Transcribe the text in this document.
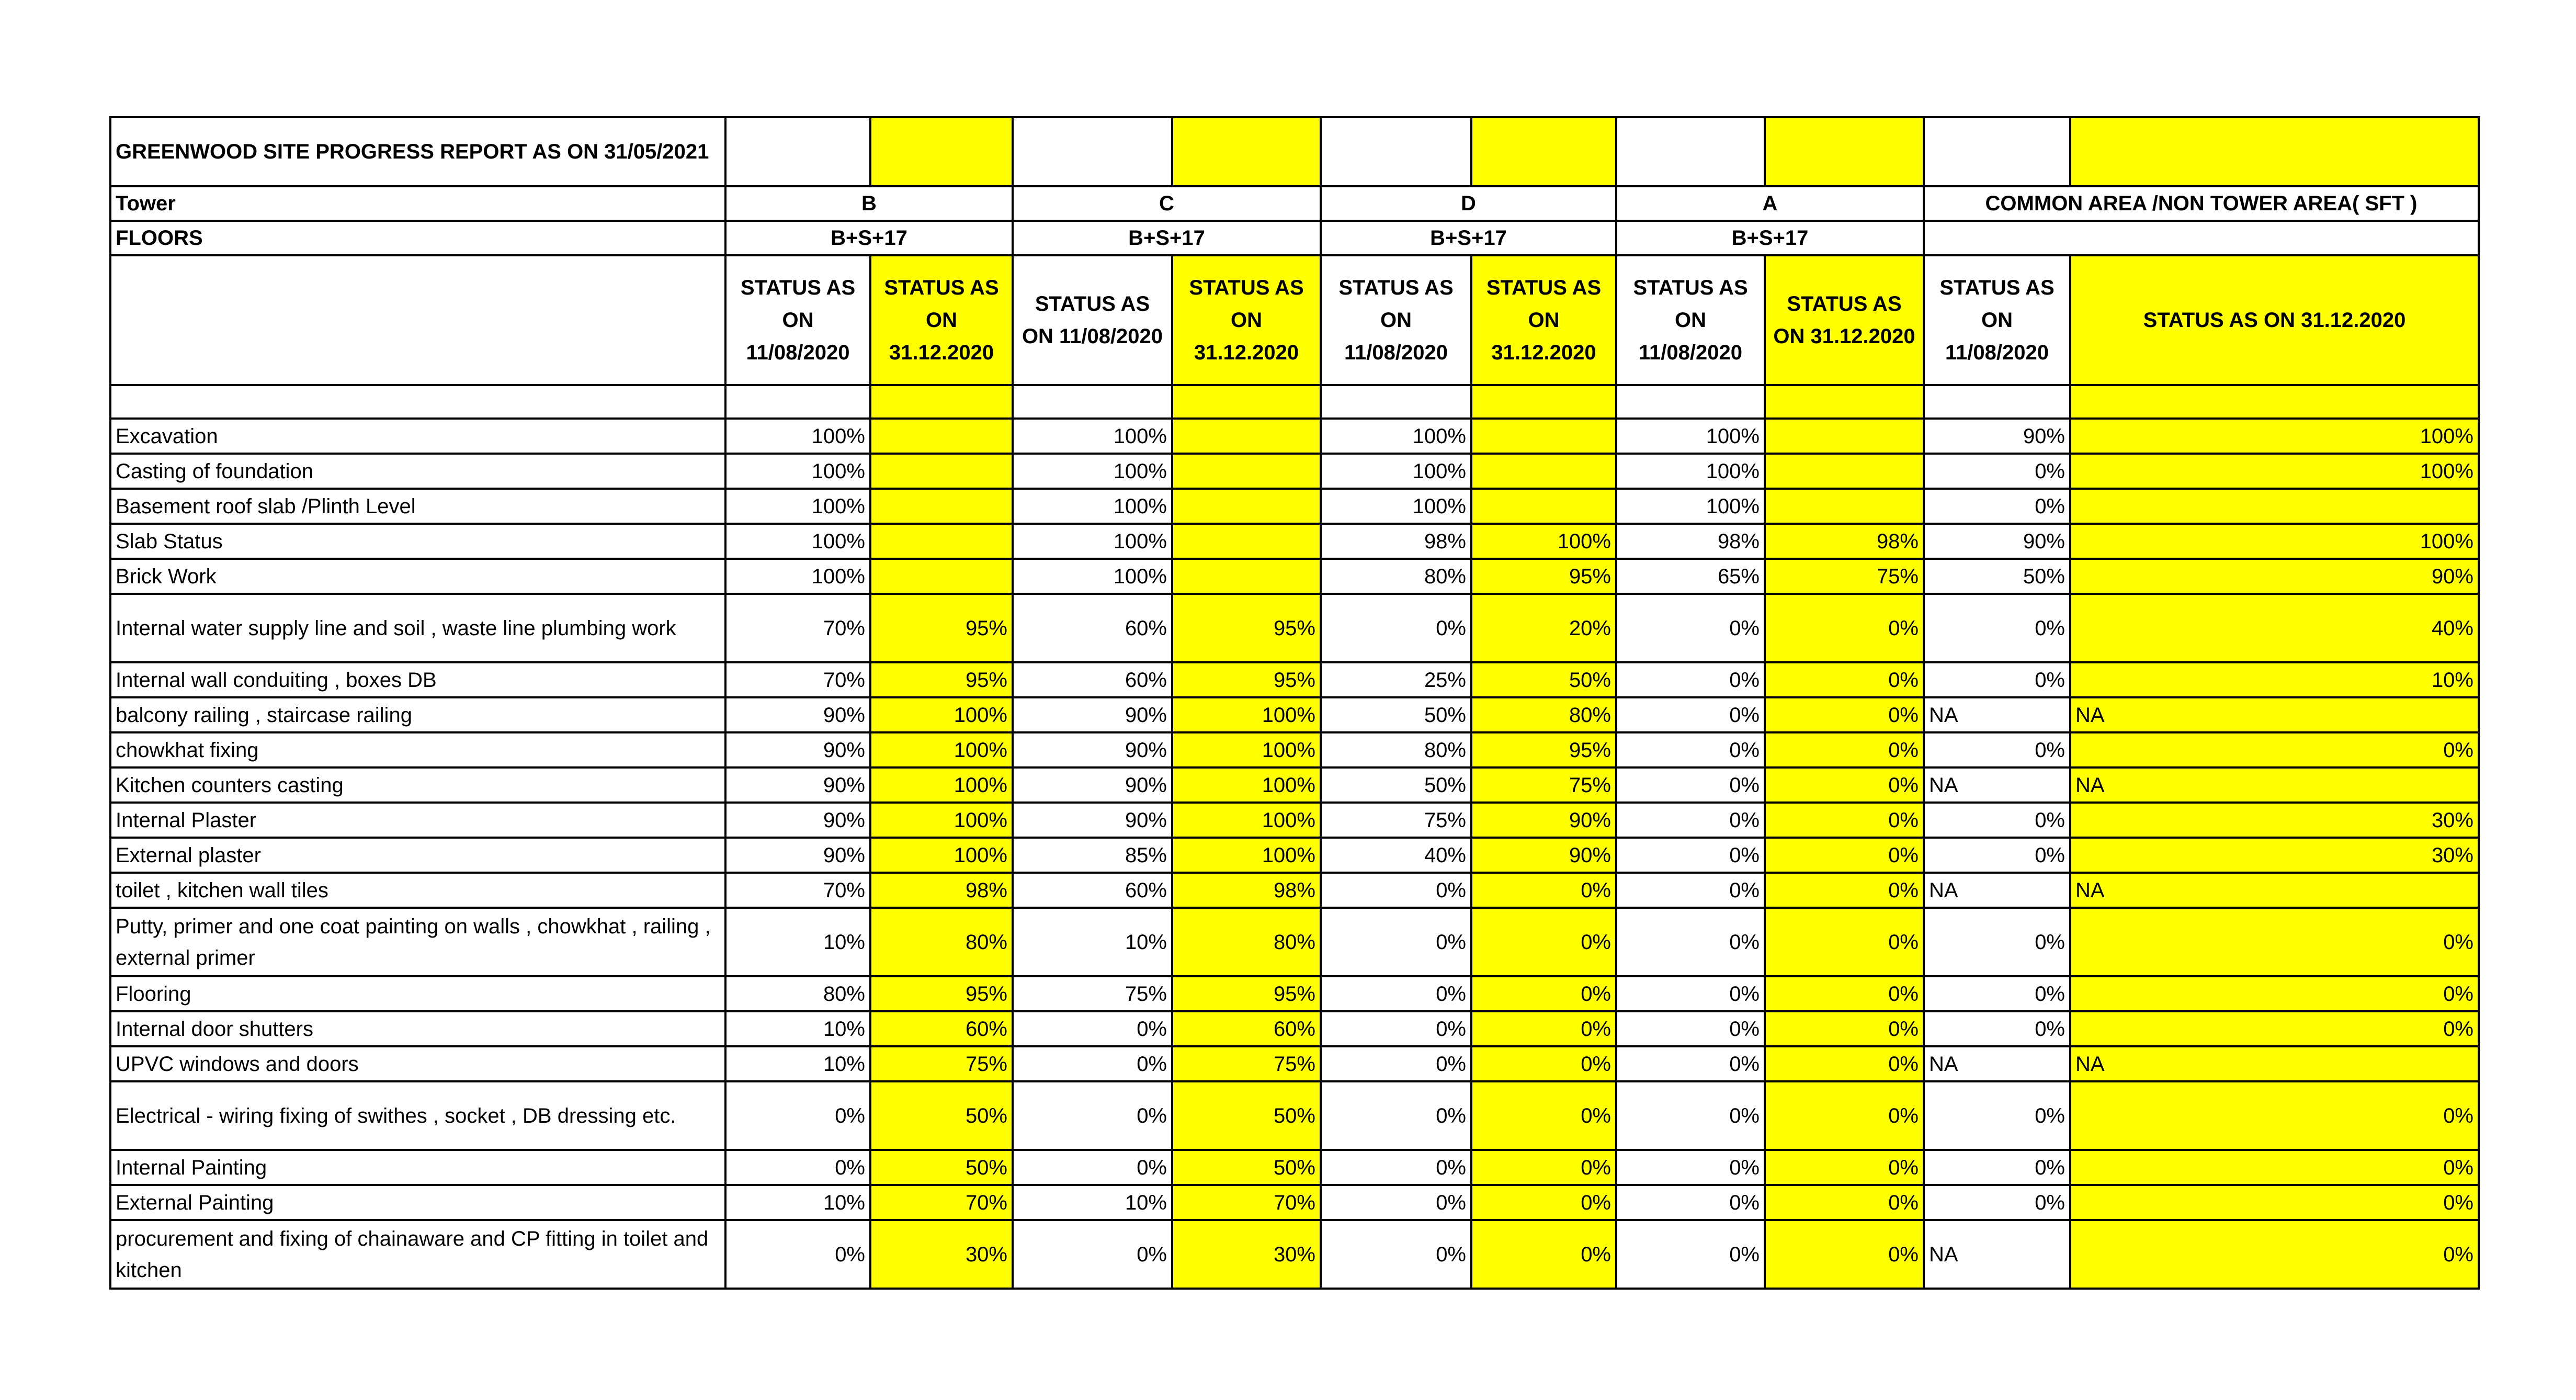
GREENWOOD SITE PROGRESS REPORT AS ON 31/05/2021										
Tower	B		C		D		A		COMMON AREA /NON TOWER AREA( SFT )	
FLOORS	B+S+17		B+S+17		B+S+17		B+S+17			
	STATUS AS ON 11/08/2020	STATUS AS ON 31.12.2020	STATUS AS ON 11/08/2020	STATUS AS ON 31.12.2020	STATUS AS ON 11/08/2020	STATUS AS ON 31.12.2020	STATUS AS ON 11/08/2020	STATUS AS ON 31.12.2020	STATUS AS ON 11/08/2020	STATUS AS ON 31.12.2020

Excavation	100%		100%		100%		100%		90%	100%
Casting of foundation	100%		100%		100%		100%		0%	100%
Basement roof slab /Plinth Level	100%		100%		100%		100%		0%	
Slab Status	100%		100%		98%	100%	98%	98%	90%	100%
Brick Work	100%		100%		80%	95%	65%	75%	50%	90%
Internal water supply line and soil , waste line plumbing work	70%	95%	60%	95%	0%	20%	0%	0%	0%	40%
Internal wall conduiting , boxes DB	70%	95%	60%	95%	25%	50%	0%	0%	0%	10%
balcony railing , staircase railing	90%	100%	90%	100%	50%	80%	0%	0%	NA	NA
chowkhat fixing	90%	100%	90%	100%	80%	95%	0%	0%	0%	0%
Kitchen counters casting	90%	100%	90%	100%	50%	75%	0%	0%	NA	NA
Internal Plaster	90%	100%	90%	100%	75%	90%	0%	0%	0%	30%
External plaster	90%	100%	85%	100%	40%	90%	0%	0%	0%	30%
toilet , kitchen wall tiles	70%	98%	60%	98%	0%	0%	0%	0%	NA	NA
Putty, primer and one coat painting on walls , chowkhat , railing , external primer	10%	80%	10%	80%	0%	0%	0%	0%	0%	0%
Flooring	80%	95%	75%	95%	0%	0%	0%	0%	0%	0%
Internal door shutters	10%	60%	0%	60%	0%	0%	0%	0%	0%	0%
UPVC windows and doors	10%	75%	0%	75%	0%	0%	0%	0%	NA	NA
Electrical - wiring fixing of swithes , socket , DB dressing etc.	0%	50%	0%	50%	0%	0%	0%	0%	0%	0%
Internal Painting	0%	50%	0%	50%	0%	0%	0%	0%	0%	0%
External Painting	10%	70%	10%	70%	0%	0%	0%	0%	0%	0%
procurement and fixing of chainaware and CP fitting in toilet and kitchen	0%	30%	0%	30%	0%	0%	0%	0%	NA	0%
